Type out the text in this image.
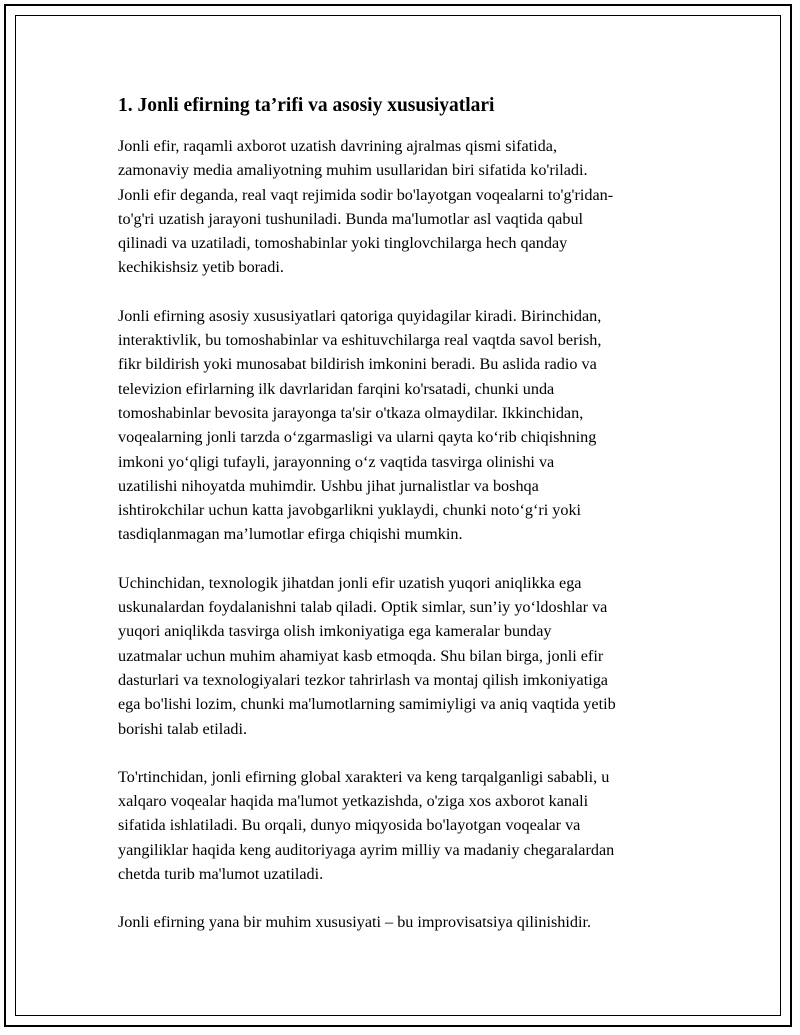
1. Jonli efirning ta’rifi va asosiy xususiyatlari

Jonli efir, raqamli axborot uzatish davrining ajralmas qismi sifatida,
zamonaviy media amaliyotning muhim usullaridan biri sifatida ko'riladi.
Jonli efir deganda, real vaqt rejimida sodir bo'layotgan voqealarni to'g'ridan-
to'g'ri uzatish jarayoni tushuniladi. Bunda ma'lumotlar asl vaqtida qabul
qilinadi va uzatiladi, tomoshabinlar yoki tinglovchilarga hech qanday
kechikishsiz yetib boradi.

Jonli efirning asosiy xususiyatlari qatoriga quyidagilar kiradi. Birinchidan,
interaktivlik, bu tomoshabinlar va eshituvchilarga real vaqtda savol berish,
fikr bildirish yoki munosabat bildirish imkonini beradi. Bu aslida radio va
televizion efirlarning ilk davrlaridan farqini ko'rsatadi, chunki unda
tomoshabinlar bevosita jarayonga ta'sir o'tkaza olmaydilar. Ikkinchidan,
voqealarning jonli tarzda o‘zgarmasligi va ularni qayta ko‘rib chiqishning
imkoni yo‘qligi tufayli, jarayonning o‘z vaqtida tasvirga olinishi va
uzatilishi nihoyatda muhimdir. Ushbu jihat jurnalistlar va boshqa
ishtirokchilar uchun katta javobgarlikni yuklaydi, chunki noto‘g‘ri yoki
tasdiqlanmagan ma’lumotlar efirga chiqishi mumkin.

Uchinchidan, texnologik jihatdan jonli efir uzatish yuqori aniqlikka ega
uskunalardan foydalanishni talab qiladi. Optik simlar, sun’iy yo‘ldoshlar va
yuqori aniqlikda tasvirga olish imkoniyatiga ega kameralar bunday
uzatmalar uchun muhim ahamiyat kasb etmoqda. Shu bilan birga, jonli efir
dasturlari va texnologiyalari tezkor tahrirlash va montaj qilish imkoniyatiga
ega bo'lishi lozim, chunki ma'lumotlarning samimiyligi va aniq vaqtida yetib
borishi talab etiladi.

To'rtinchidan, jonli efirning global xarakteri va keng tarqalganligi sababli, u
xalqaro voqealar haqida ma'lumot yetkazishda, o'ziga xos axborot kanali
sifatida ishlatiladi. Bu orqali, dunyo miqyosida bo'layotgan voqealar va
yangiliklar haqida keng auditoriyaga ayrim milliy va madaniy chegaralardan
chetda turib ma'lumot uzatiladi.

Jonli efirning yana bir muhim xususiyati – bu improvisatsiya qilinishidir.
